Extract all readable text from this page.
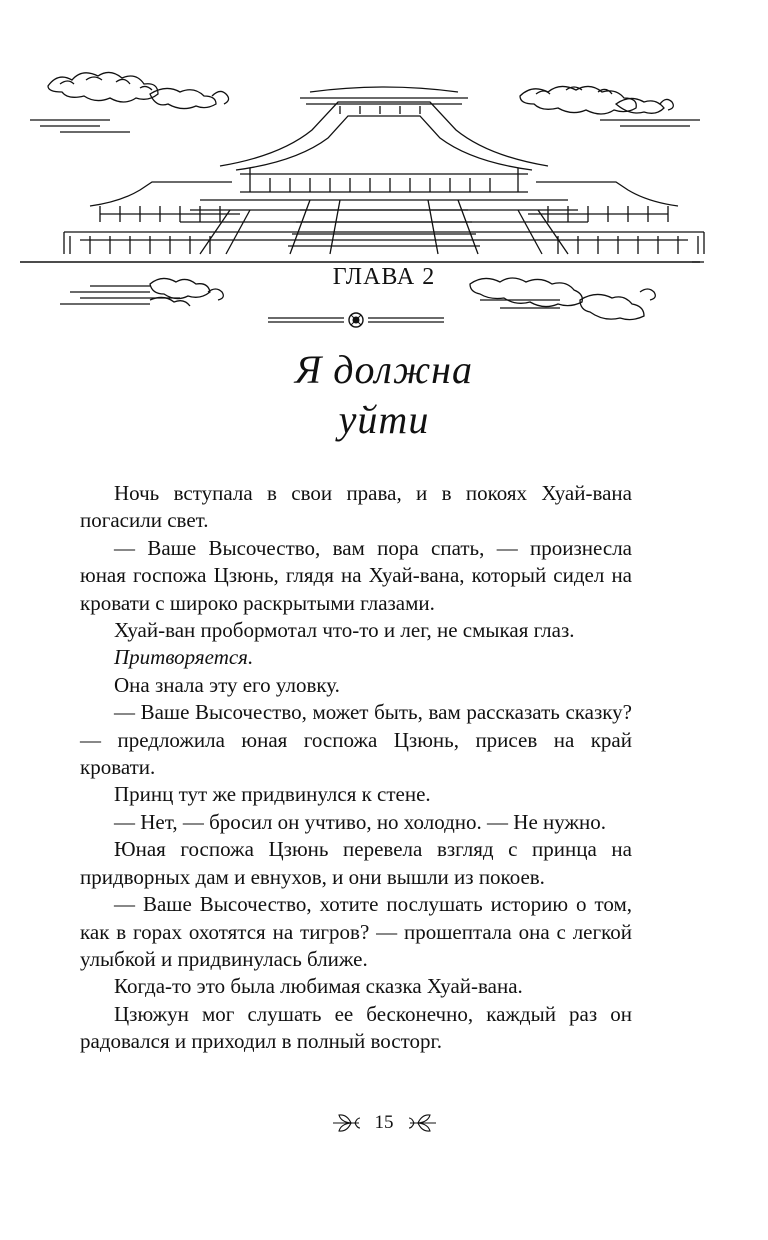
ГЛАВА 2
Я должна
уйти

Ночь вступала в свои права, и в покоях Хуай-вана погасили свет.

— Ваше Высочество, вам пора спать, — произнесла юная госпожа Цзюнь, глядя на Хуай-вана, который сидел на кровати с широко раскрытыми глазами.

Хуай-ван пробормотал что-то и лег, не смыкая глаз.

Притворяется.

Она знала эту его уловку.

— Ваше Высочество, может быть, вам рассказать сказку? — предложила юная госпожа Цзюнь, присев на край кровати.

Принц тут же придвинулся к стене.

— Нет, — бросил он учтиво, но холодно. — Не нужно.

Юная госпожа Цзюнь перевела взгляд с принца на придворных дам и евнухов, и они вышли из покоев.

— Ваше Высочество, хотите послушать историю о том, как в горах охотятся на тигров? — прошептала она с легкой улыбкой и придвинулась ближе.

Когда-то это была любимая сказка Хуай-вана.

Цзюжун мог слушать ее бесконечно, каждый раз он радовался и приходил в полный восторг.

15
